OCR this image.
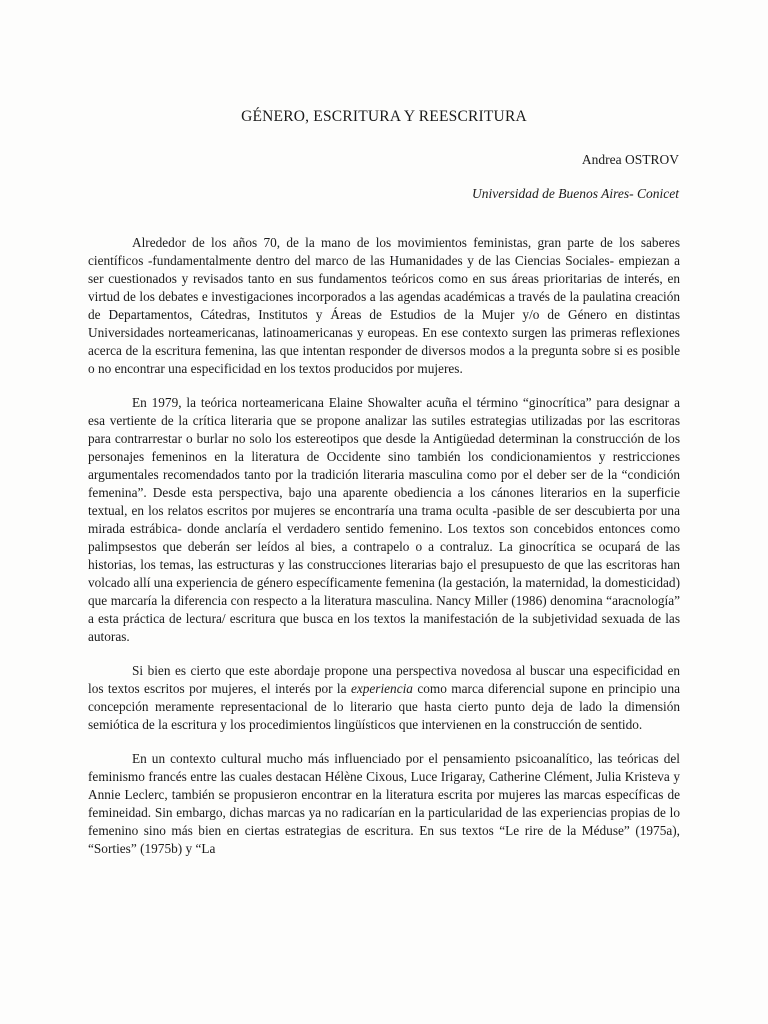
GÉNERO, ESCRITURA Y REESCRITURA
Andrea OSTROV
Universidad de Buenos Aires- Conicet

Alrededor de los años 70, de la mano de los movimientos feministas, gran parte de los saberes científicos -fundamentalmente dentro del marco de las Humanidades y de las Ciencias Sociales- empiezan a ser cuestionados y revisados tanto en sus fundamentos teóricos como en sus áreas prioritarias de interés, en virtud de los debates e investigaciones incorporados a las agendas académicas a través de la paulatina creación de Departamentos, Cátedras, Institutos y Áreas de Estudios de la Mujer y/o de Género en distintas Universidades norteamericanas, latinoamericanas y europeas. En ese contexto surgen las primeras reflexiones acerca de la escritura femenina, las que intentan responder de diversos modos a la pregunta sobre si es posible o no encontrar una especificidad en los textos producidos por mujeres.

En 1979, la teórica norteamericana Elaine Showalter acuña el término “ginocrítica” para designar a esa vertiente de la crítica literaria que se propone analizar las sutiles estrategias utilizadas por las escritoras para contrarrestar o burlar no solo los estereotipos que desde la Antigüedad determinan la construcción de los personajes femeninos en la literatura de Occidente sino también los condicionamientos y restricciones argumentales recomendados tanto por la tradición literaria masculina como por el deber ser de la “condición femenina”. Desde esta perspectiva, bajo una aparente obediencia a los cánones literarios en la superficie textual, en los relatos escritos por mujeres se encontraría una trama oculta -pasible de ser descubierta por una mirada estrábica- donde anclaría el verdadero sentido femenino. Los textos son concebidos entonces como palimpsestos que deberán ser leídos al bies, a contrapelo o a contraluz. La ginocrítica se ocupará de las historias, los temas, las estructuras y las construcciones literarias bajo el presupuesto de que las escritoras han volcado allí una experiencia de género específicamente femenina (la gestación, la maternidad, la domesticidad) que marcaría la diferencia con respecto a la literatura masculina. Nancy Miller (1986) denomina “aracnología” a esta práctica de lectura/ escritura que busca en los textos la manifestación de la subjetividad sexuada de las autoras.

Si bien es cierto que este abordaje propone una perspectiva novedosa al buscar una especificidad en los textos escritos por mujeres, el interés por la experiencia como marca diferencial supone en principio una concepción meramente representacional de lo literario que hasta cierto punto deja de lado la dimensión semiótica de la escritura y los procedimientos lingüísticos que intervienen en la construcción de sentido.

En un contexto cultural mucho más influenciado por el pensamiento psicoanalítico, las teóricas del feminismo francés entre las cuales destacan Hélène Cixous, Luce Irigaray, Catherine Clément, Julia Kristeva y Annie Leclerc, también se propusieron encontrar en la literatura escrita por mujeres las marcas específicas de femineidad. Sin embargo, dichas marcas ya no radicarían en la particularidad de las experiencias propias de lo femenino sino más bien en ciertas estrategias de escritura. En sus textos “Le rire de la Méduse” (1975a), “Sorties” (1975b) y “La
